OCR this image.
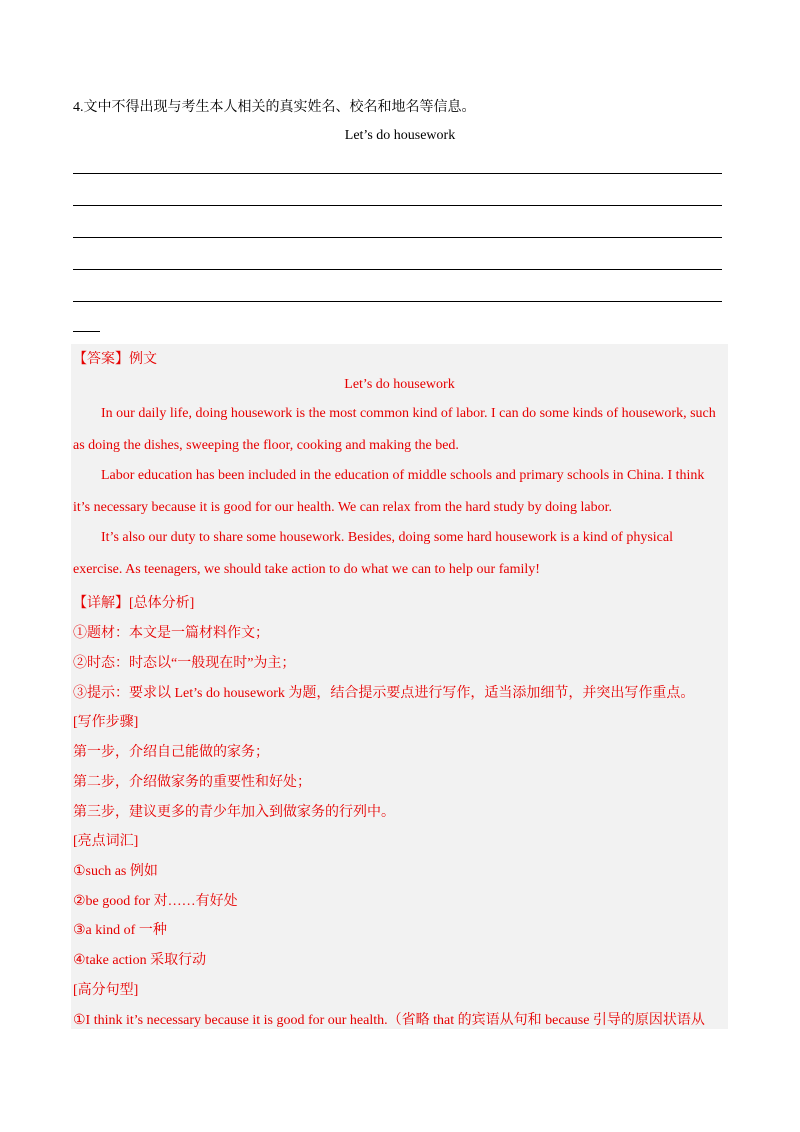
4.文中不得出现与考生本人相关的真实姓名、校名和地名等信息。
Let’s do housework
【答案】例文
Let’s do housework
In our daily life, doing housework is the most common kind of labor. I can do some kinds of housework, such
as doing the dishes, sweeping the floor, cooking and making the bed.
Labor education has been included in the education of middle schools and primary schools in China. I think
it’s necessary because it is good for our health. We can relax from the hard study by doing labor.
It’s also our duty to share some housework. Besides, doing some hard housework is a kind of physical
exercise. As teenagers, we should take action to do what we can to help our family!
【详解】[总体分析]
①题材：本文是一篇材料作文；
②时态：时态以“一般现在时”为主；
③提示：要求以 Let’s do housework 为题，结合提示要点进行写作，适当添加细节，并突出写作重点。
[写作步骤]
第一步，介绍自己能做的家务；
第二步，介绍做家务的重要性和好处；
第三步，建议更多的青少年加入到做家务的行列中。
[亮点词汇]
①such as 例如
②be good for 对……有好处
③a kind of 一种
④take action 采取行动
[高分句型]
①I think it’s necessary because it is good for our health.（省略 that 的宾语从句和 because 引导的原因状语从
